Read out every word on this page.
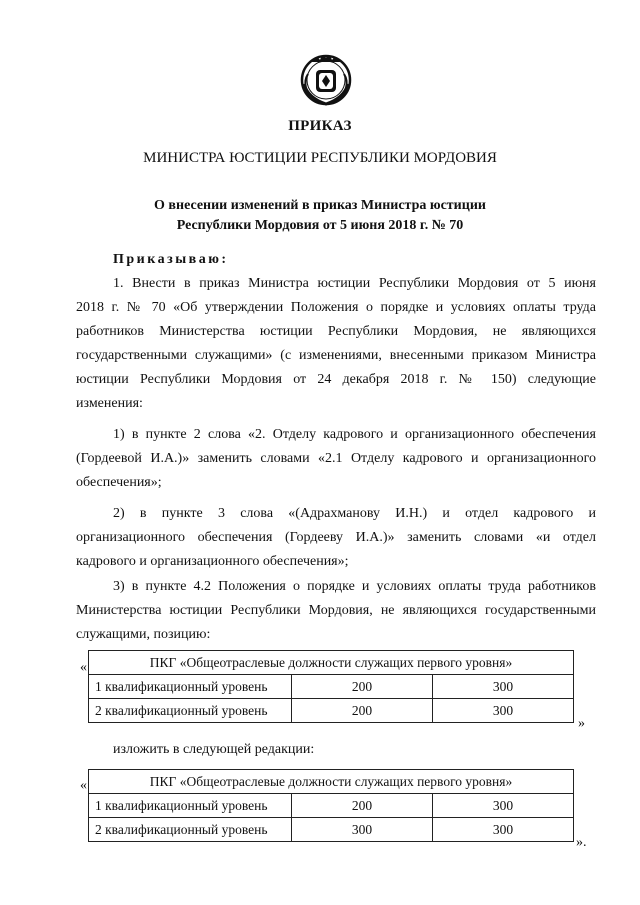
ПРИКАЗ
МИНИСТРА ЮСТИЦИИ РЕСПУБЛИКИ МОРДОВИЯ
О внесении изменений в приказ Министра юстиции
Республики Мордовия от 5 июня 2018 г. № 70
Приказываю:
1. Внести в приказ Министра юстиции Республики Мордовия от 5 июня
2018 г. № 70 «Об утверждении Положения о порядке и условиях оплаты труда
работников Министерства юстиции Республики Мордовия, не являющихся
государственными служащими» (с изменениями, внесенными приказом Министра
юстиции Республики Мордовия от 24 декабря 2018 г. № 150) следующие
изменения:
1) в пункте 2 слова «2. Отделу кадрового и организационного обеспечения
(Гордеевой И.А.)» заменить словами «2.1 Отделу кадрового и организационного
обеспечения»;
2) в пункте 3 слова «(Адрахманову И.Н.) и отдел кадрового и
организационного обеспечения (Гордееву И.А.)» заменить словами «и отдел
кадрового и организационного обеспечения»;
3) в пункте 4.2 Положения о порядке и условиях оплаты труда работников
Министерства юстиции Республики Мордовия, не являющихся государственными
служащими, позицию:
«	ПКГ «Общеотраслевые должности служащих первого уровня»		
1 квалификационный уровень	200	300
2 квалификационный уровень	200	300
»
изложить в следующей редакции:
«	ПКГ «Общеотраслевые должности служащих первого уровня»		
1 квалификационный уровень	200	300
2 квалификационный уровень	300	300
».
